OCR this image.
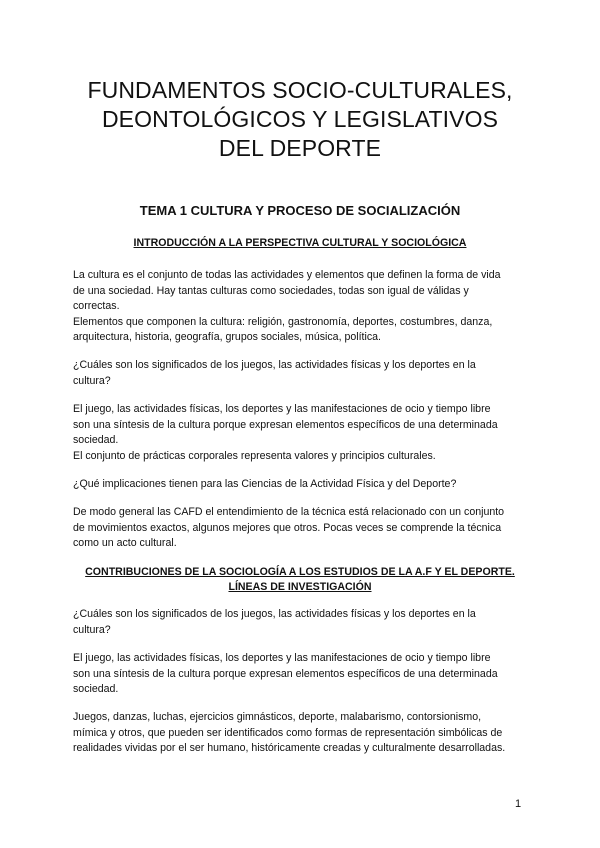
FUNDAMENTOS SOCIO-CULTURALES,
DEONTOLÓGICOS Y LEGISLATIVOS
DEL DEPORTE
TEMA 1 CULTURA Y PROCESO DE SOCIALIZACIÓN
INTRODUCCIÓN A LA PERSPECTIVA CULTURAL Y SOCIOLÓGICA

La cultura es el conjunto de todas las actividades y elementos que definen la forma de vida
de una sociedad. Hay tantas culturas como sociedades, todas son igual de válidas y
correctas.
Elementos que componen la cultura: religión, gastronomía, deportes, costumbres, danza,
arquitectura, historia, geografía, grupos sociales, música, política.

¿Cuáles son los significados de los juegos, las actividades físicas y los deportes en la
cultura?

El juego, las actividades físicas, los deportes y las manifestaciones de ocio y tiempo libre
son una síntesis de la cultura porque expresan elementos específicos de una determinada
sociedad.
El conjunto de prácticas corporales representa valores y principios culturales.

¿Qué implicaciones tienen para las Ciencias de la Actividad Física y del Deporte?

De modo general las CAFD el entendimiento de la técnica está relacionado con un conjunto
de movimientos exactos, algunos mejores que otros. Pocas veces se comprende la técnica
como un acto cultural.

CONTRIBUCIONES DE LA SOCIOLOGÍA A LOS ESTUDIOS DE LA A.F Y EL DEPORTE.
LÍNEAS DE INVESTIGACIÓN

¿Cuáles son los significados de los juegos, las actividades físicas y los deportes en la
cultura?

El juego, las actividades físicas, los deportes y las manifestaciones de ocio y tiempo libre
son una síntesis de la cultura porque expresan elementos específicos de una determinada
sociedad.

Juegos, danzas, luchas, ejercicios gimnásticos, deporte, malabarismo, contorsionismo,
mímica y otros, que pueden ser identificados como formas de representación simbólicas de
realidades vividas por el ser humano, históricamente creadas y culturalmente desarrolladas.

1
